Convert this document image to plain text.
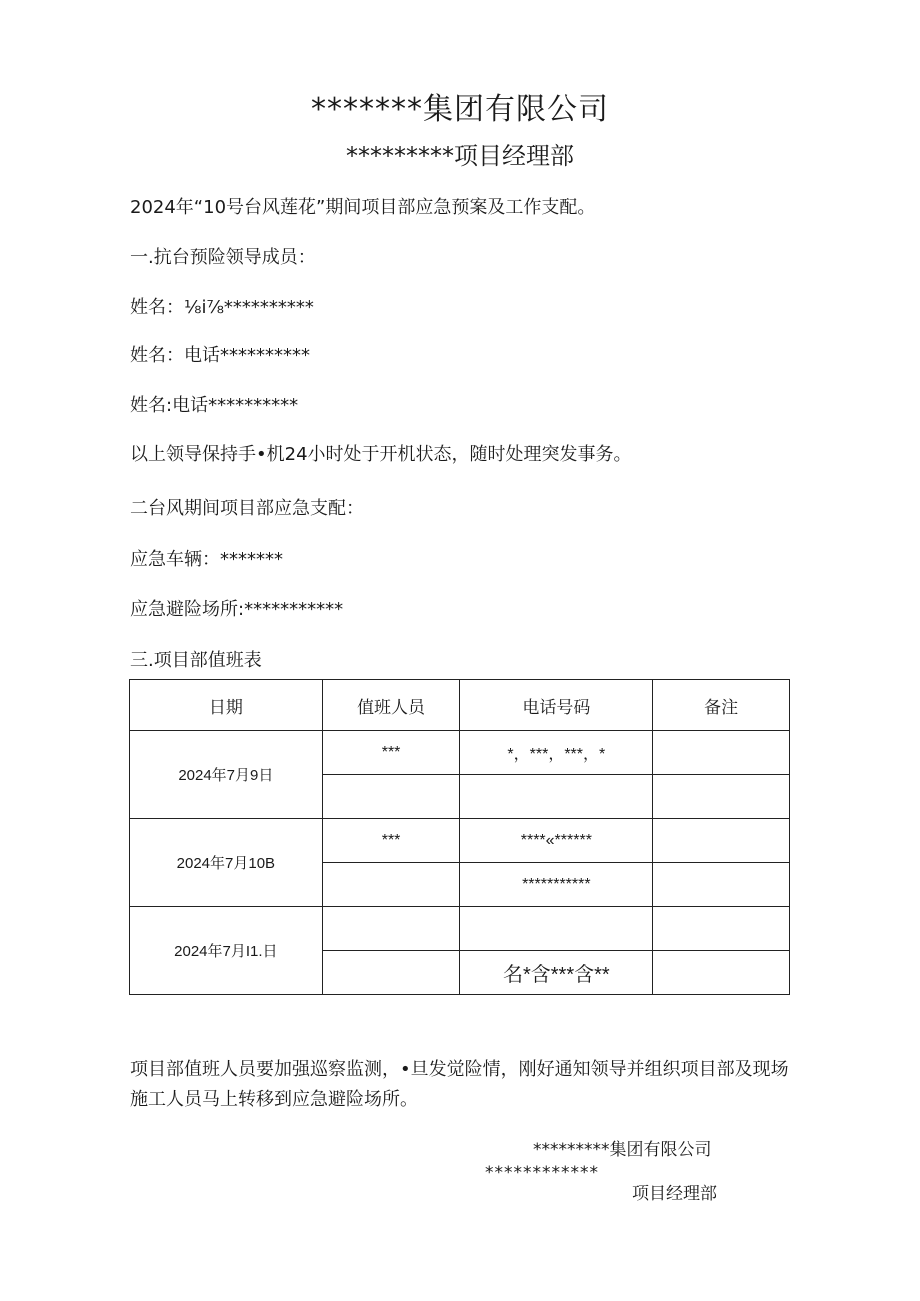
*******集团有限公司
*********项目经理部
2024年“10号台风莲花”期间项目部应急预案及工作支配。
一.抗台预险领导成员：
姓名：⅛i⅞**********
姓名：电话**********
姓名:电话**********
以上领导保持手•机24小时处于开机状态，随时处理突发事务。
二台风期间项目部应急支配：
应急车辆：*******
应急避险场所:***********
三.项目部值班表
日期	值班人员	电话号码	备注
2024年7月9日	***	*，***，***，*	

2024年7月10B	***	****«******	
		***********	
2024年7月I1.日			
		名*含***含**	
项目部值班人员要加强巡察监测，•旦发觉险情，刚好通知领导并组织项目部及现场施工人员马上转移到应急避险场所。
*********集团有限公司
************
项目经理部
